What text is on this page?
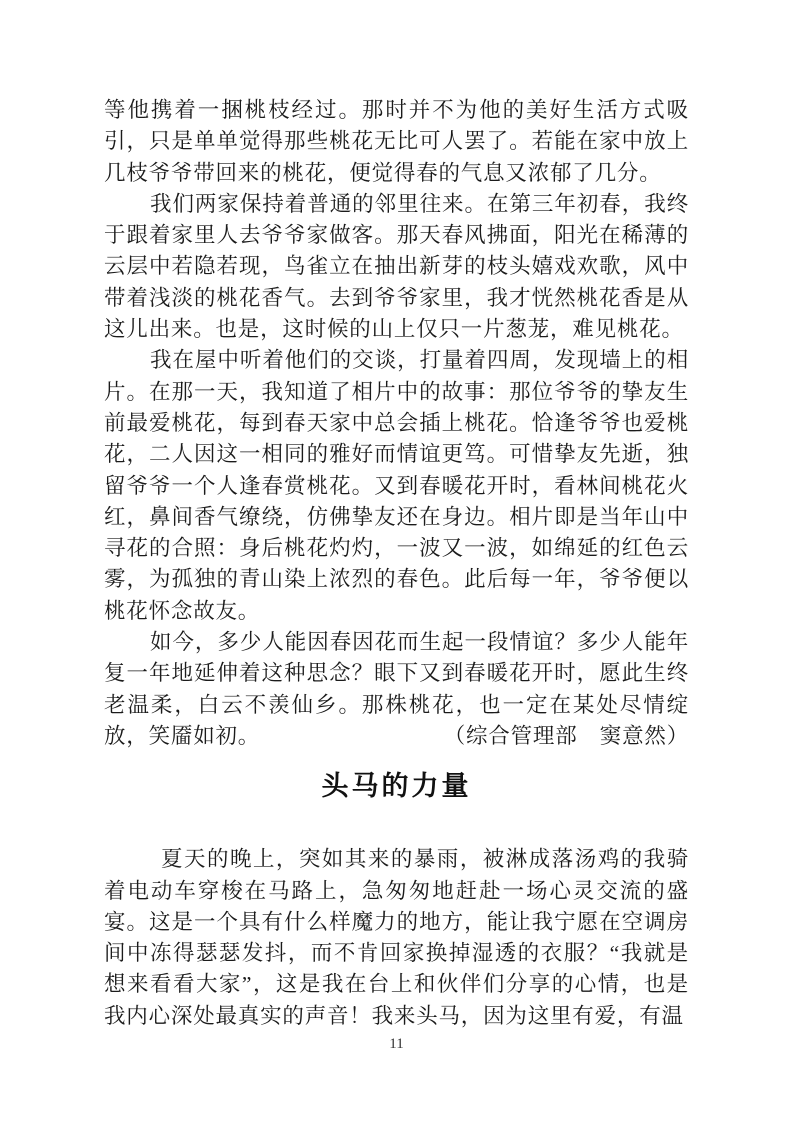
等他携着一捆桃枝经过。那时并不为他的美好生活方式吸引，只是单单觉得那些桃花无比可人罢了。若能在家中放上几枝爷爷带回来的桃花，便觉得春的气息又浓郁了几分。

我们两家保持着普通的邻里往来。在第三年初春，我终于跟着家里人去爷爷家做客。那天春风拂面，阳光在稀薄的云层中若隐若现，鸟雀立在抽出新芽的枝头嬉戏欢歌，风中带着浅淡的桃花香气。去到爷爷家里，我才恍然桃花香是从这儿出来。也是，这时候的山上仅只一片葱茏，难见桃花。

我在屋中听着他们的交谈，打量着四周，发现墙上的相片。在那一天，我知道了相片中的故事：那位爷爷的挚友生前最爱桃花，每到春天家中总会插上桃花。恰逢爷爷也爱桃花，二人因这一相同的雅好而情谊更笃。可惜挚友先逝，独留爷爷一个人逢春赏桃花。又到春暖花开时，看林间桃花火红，鼻间香气缭绕，仿佛挚友还在身边。相片即是当年山中寻花的合照：身后桃花灼灼，一波又一波，如绵延的红色云雾，为孤独的青山染上浓烈的春色。此后每一年，爷爷便以桃花怀念故友。

如今，多少人能因春因花而生起一段情谊？多少人能年复一年地延伸着这种思念？眼下又到春暖花开时，愿此生终老温柔，白云不羡仙乡。那株桃花，也一定在某处尽情绽放，笑靥如初。	（综合管理部　窦意然）

头马的力量

夏天的晚上，突如其来的暴雨，被淋成落汤鸡的我骑着电动车穿梭在马路上，急匆匆地赶赴一场心灵交流的盛宴。这是一个具有什么样魔力的地方，能让我宁愿在空调房间中冻得瑟瑟发抖，而不肯回家换掉湿透的衣服？“我就是想来看看大家”，这是我在台上和伙伴们分享的心情，也是我内心深处最真实的声音！我来头马，因为这里有爱，有温

11
